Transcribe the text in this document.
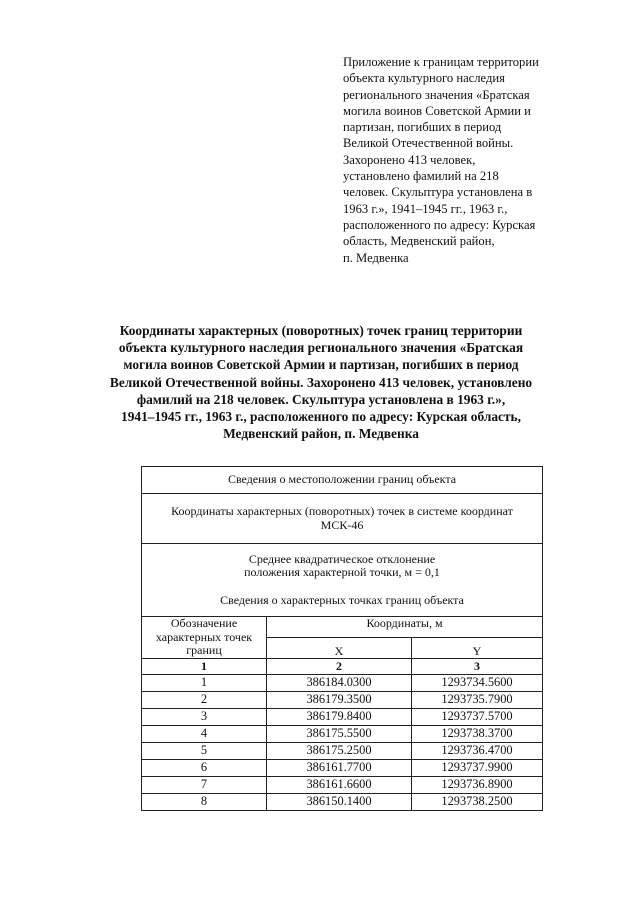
Приложение к границам территории
объекта культурного наследия
регионального значения «Братская
могила воинов Советской Армии и
партизан, погибших в период
Великой Отечественной войны.
Захоронено 413 человек,
установлено фамилий на 218
человек. Скульптура установлена в
1963 г.», 1941–1945 гг., 1963 г.,
расположенного по адресу: Курская
область, Медвенский район,
п. Медвенка
Координаты характерных (поворотных) точек границ территории
объекта культурного наследия регионального значения «Братская
могила воинов Советской Армии и партизан, погибших в период
Великой Отечественной войны. Захоронено 413 человек, установлено
фамилий на 218 человек. Скульптура установлена в 1963 г.»,
1941–1945 гг., 1963 г., расположенного по адресу: Курская область,
Медвенский район, п. Медвенка
Сведения о местоположении границ объекта		

Координаты характерных (поворотных) точек в системе координат
МСК-46		

Среднее квадратическое отклонение
положения характерной точки, м = 0,1
Сведения о характерных точках границ объекта		

Обозначение характерных точек границ	Координаты, м	
	X	Y
1	2	3
1	386184.0300	1293734.5600
2	386179.3500	1293735.7900
3	386179.8400	1293737.5700
4	386175.5500	1293738.3700
5	386175.2500	1293736.4700
6	386161.7700	1293737.9900
7	386161.6600	1293736.8900
8	386150.1400	1293738.2500
